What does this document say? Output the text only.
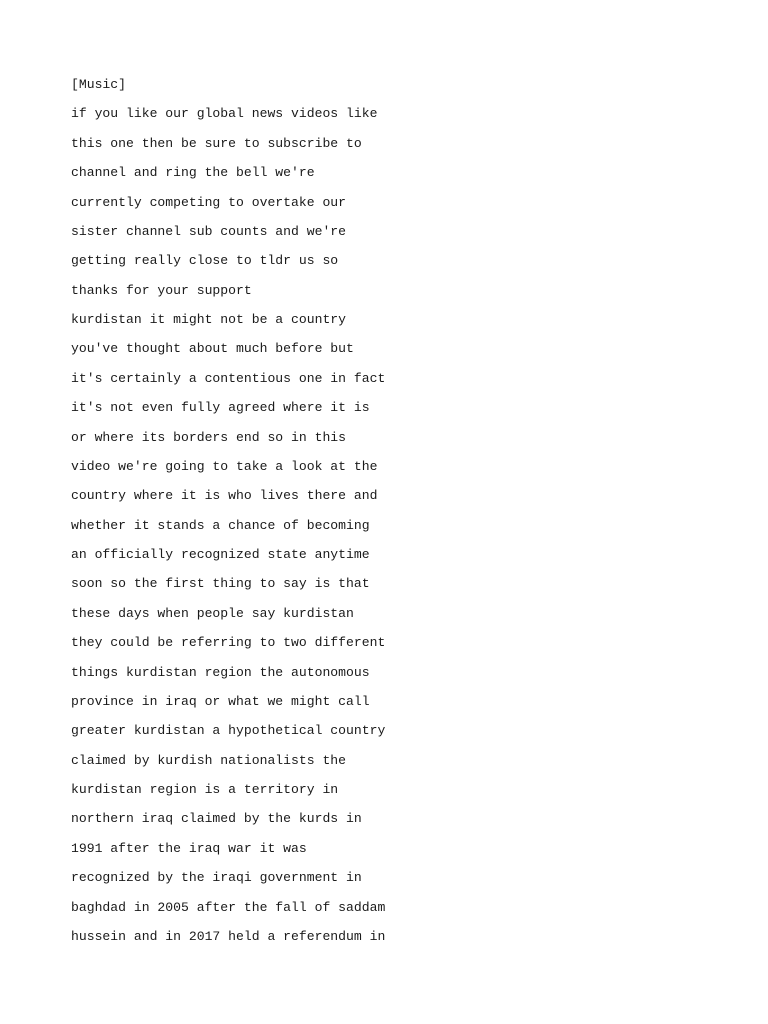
[Music]

if you like our global news videos like

this one then be sure to subscribe to

channel and ring the bell we're

currently competing to overtake our

sister channel sub counts and we're

getting really close to tldr us so

thanks for your support

kurdistan it might not be a country

you've thought about much before but

it's certainly a contentious one in fact

it's not even fully agreed where it is

or where its borders end so in this

video we're going to take a look at the

country where it is who lives there and

whether it stands a chance of becoming

an officially recognized state anytime

soon so the first thing to say is that

these days when people say kurdistan

they could be referring to two different

things kurdistan region the autonomous

province in iraq or what we might call

greater kurdistan a hypothetical country

claimed by kurdish nationalists the

kurdistan region is a territory in

northern iraq claimed by the kurds in

1991 after the iraq war it was

recognized by the iraqi government in

baghdad in 2005 after the fall of saddam

hussein and in 2017 held a referendum in
